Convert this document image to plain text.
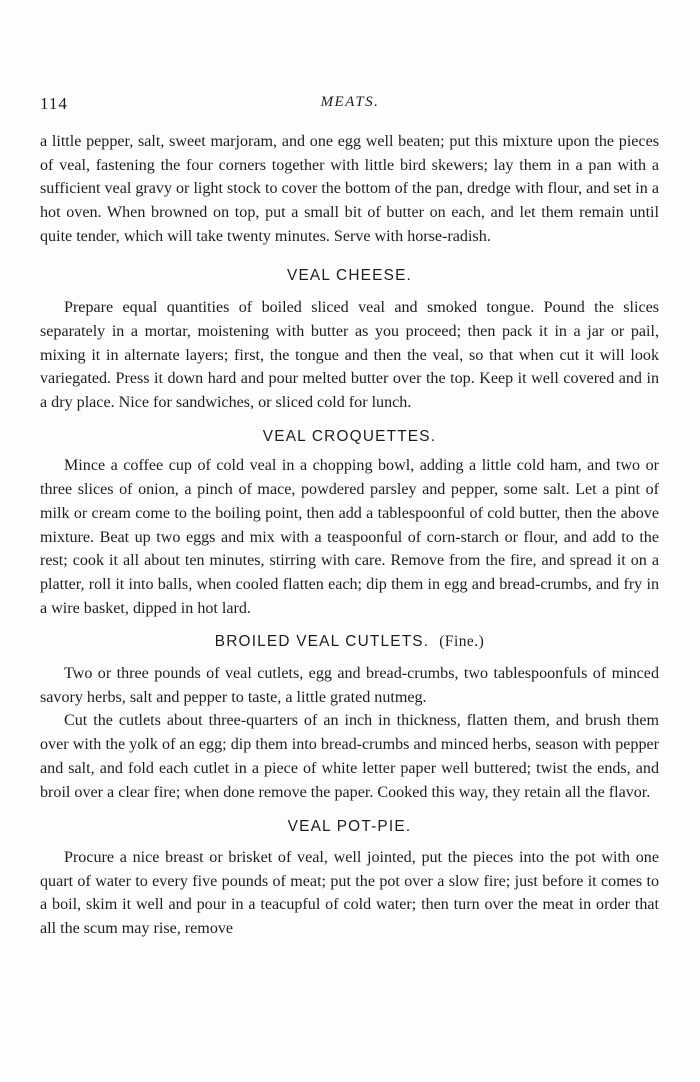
114	MEATS.

a little pepper, salt, sweet marjoram, and one egg well beaten; put this mixture upon the pieces of veal, fastening the four corners together with little bird skewers; lay them in a pan with a sufficient veal gravy or light stock to cover the bottom of the pan, dredge with flour, and set in a hot oven. When browned on top, put a small bit of butter on each, and let them remain until quite tender, which will take twenty minutes. Serve with horse-radish.

VEAL CHEESE.

Prepare equal quantities of boiled sliced veal and smoked tongue. Pound the slices separately in a mortar, moistening with butter as you proceed; then pack it in a jar or pail, mixing it in alternate layers; first, the tongue and then the veal, so that when cut it will look variegated. Press it down hard and pour melted butter over the top. Keep it well covered and in a dry place. Nice for sandwiches, or sliced cold for lunch.

VEAL CROQUETTES.

Mince a coffee cup of cold veal in a chopping bowl, adding a little cold ham, and two or three slices of onion, a pinch of mace, powdered parsley and pepper, some salt. Let a pint of milk or cream come to the boiling point, then add a tablespoonful of cold butter, then the above mixture. Beat up two eggs and mix with a teaspoonful of corn-starch or flour, and add to the rest; cook it all about ten minutes, stirring with care. Remove from the fire, and spread it on a platter, roll it into balls, when cooled flatten each; dip them in egg and bread-crumbs, and fry in a wire basket, dipped in hot lard.

BROILED VEAL CUTLETS. (Fine.)

Two or three pounds of veal cutlets, egg and bread-crumbs, two tablespoonfuls of minced savory herbs, salt and pepper to taste, a little grated nutmeg.

Cut the cutlets about three-quarters of an inch in thickness, flatten them, and brush them over with the yolk of an egg; dip them into bread-crumbs and minced herbs, season with pepper and salt, and fold each cutlet in a piece of white letter paper well buttered; twist the ends, and broil over a clear fire; when done remove the paper. Cooked this way, they retain all the flavor.

VEAL POT-PIE.

Procure a nice breast or brisket of veal, well jointed, put the pieces into the pot with one quart of water to every five pounds of meat; put the pot over a slow fire; just before it comes to a boil, skim it well and pour in a teacupful of cold water; then turn over the meat in order that all the scum may rise, remove
